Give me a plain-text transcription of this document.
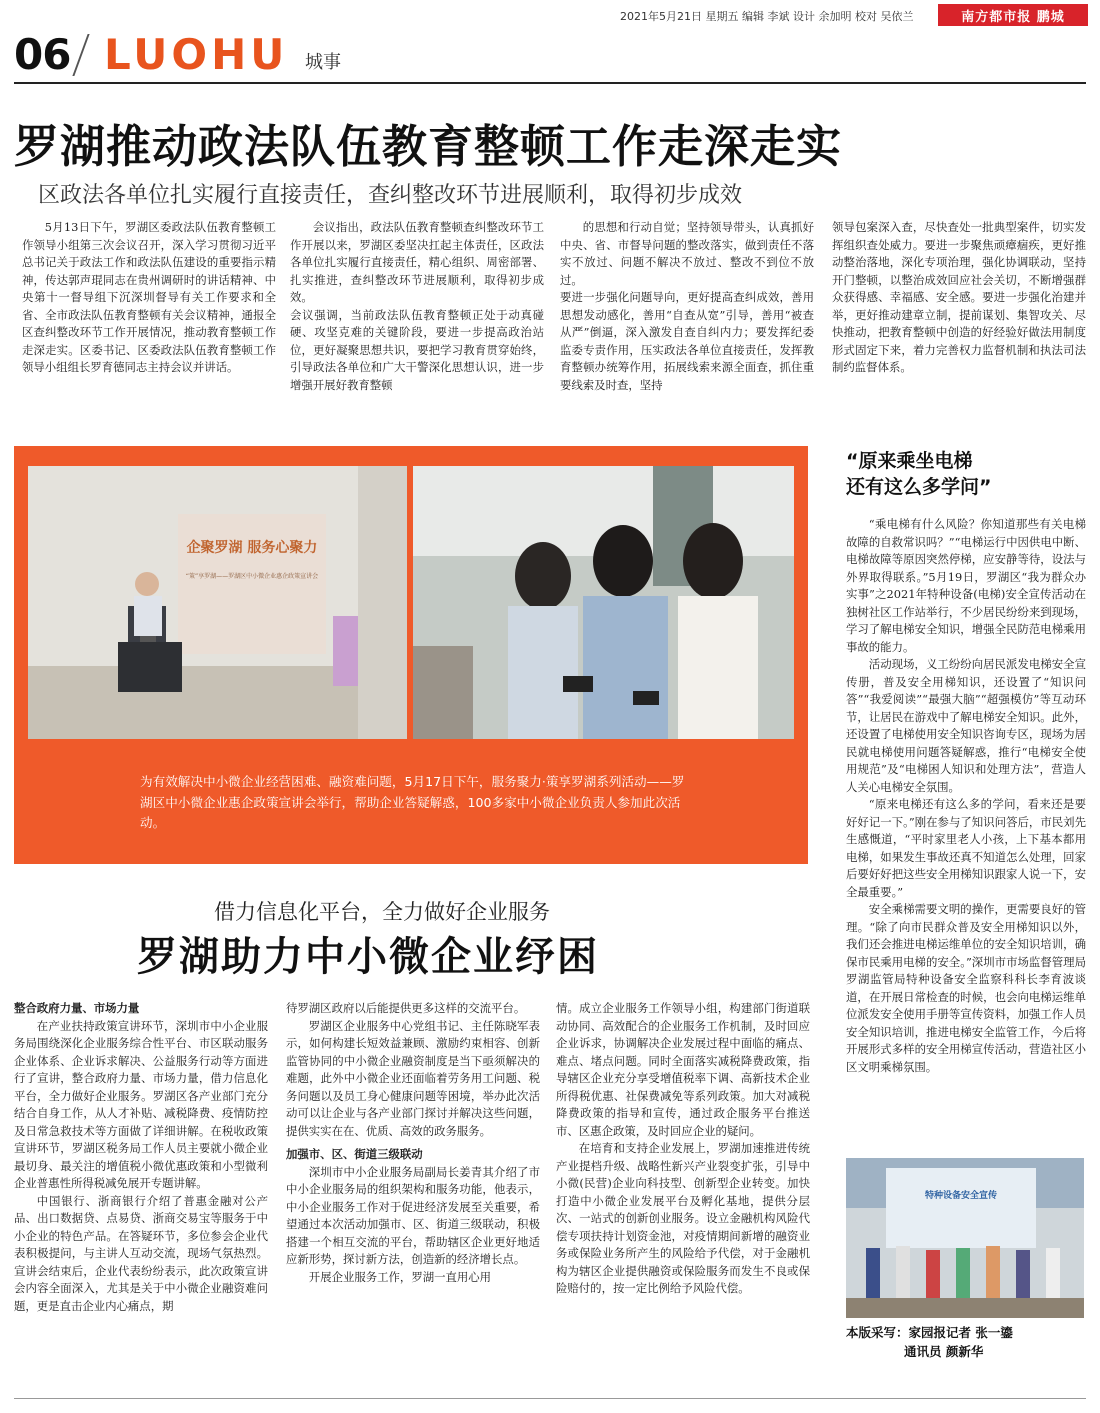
2021年5月21日 星期五 编辑 李斌 设计 余加明 校对 吴依兰	南方都市报 鹏城
06 LUOHU 城事
罗湖推动政法队伍教育整顿工作走深走实
区政法各单位扎实履行直接责任，查纠整改环节进展顺利，取得初步成效

5月13日下午，罗湖区委政法队伍教育整顿工作领导小组第三次会议召开，深入学习贯彻习近平总书记关于政法工作和政法队伍建设的重要指示精神，传达郭声琨同志在贵州调研时的讲话精神、中央第十一督导组下沉深圳督导有关工作要求和全省、全市政法队伍教育整顿有关会议精神，通报全区查纠整改环节工作开展情况，推动教育整顿工作走深走实。区委书记、区委政法队伍教育整顿工作领导小组组长罗育德同志主持会议并讲话。

会议指出，政法队伍教育整顿查纠整改环节工作开展以来，罗湖区委坚决扛起主体责任，区政法各单位扎实履行直接责任，精心组织、周密部署、扎实推进，查纠整改环节进展顺利，取得初步成效。
会议强调，当前政法队伍教育整顿正处于动真碰硬、攻坚克难的关键阶段，要进一步提高政治站位，更好凝聚思想共识，要把学习教育贯穿始终，引导政法各单位和广大干警深化思想认识，进一步增强开展好教育整顿

的思想和行动自觉；坚持领导带头，认真抓好中央、省、市督导问题的整改落实，做到责任不落实不放过、问题不解决不放过、整改不到位不放过。
要进一步强化问题导向，更好提高查纠成效，善用思想发动感化，善用“自查从宽”引导，善用“被查从严”倒逼，深入激发自查自纠内力；要发挥纪委监委专责作用，压实政法各单位直接责任，发挥教育整顿办统筹作用，拓展线索来源全面查，抓住重要线索及时查，坚持

领导包案深入查，尽快查处一批典型案件，切实发挥组织查处威力。要进一步聚焦顽瘴痼疾，更好推动整治落地，深化专项治理，强化协调联动，坚持开门整顿，以整治成效回应社会关切，不断增强群众获得感、幸福感、安全感。要进一步强化治建并举，更好推动建章立制，提前谋划、集智攻关、尽快推动，把教育整顿中创造的好经验好做法用制度形式固定下来，着力完善权力监督机制和执法司法制约监督体系。

企聚罗湖 服务心聚力
“策”享罗湖——罗湖区中小微企业惠企政策宣讲会
为有效解决中小微企业经营困难、融资难问题，5月17日下午，服务聚力·策享罗湖系列活动——罗湖区中小微企业惠企政策宣讲会举行，帮助企业答疑解惑，100多家中小微企业负责人参加此次活动。
“原来乘坐电梯
还有这么多学问”

“乘电梯有什么风险？你知道那些有关电梯故障的自救常识吗？”“电梯运行中因供电中断、电梯故障等原因突然停梯，应安静等待，设法与外界取得联系。”5月19日，罗湖区“我为群众办实事”之2021年特种设备(电梯)安全宣传活动在独树社区工作站举行，不少居民纷纷来到现场，学习了解电梯安全知识，增强全民防范电梯乘用事故的能力。

活动现场，义工纷纷向居民派发电梯安全宣传册，普及安全用梯知识，还设置了“知识问答”“我爱阅读”“最强大脑”“超强模仿”等互动环节，让居民在游戏中了解电梯安全知识。此外，还设置了电梯使用安全知识咨询专区，现场为居民就电梯使用问题答疑解惑，推行“电梯安全使用规范”及“电梯困人知识和处理方法”，营造人人关心电梯安全氛围。

“原来电梯还有这么多的学问，看来还是要好好记一下。”刚在参与了知识问答后，市民刘先生感慨道，“平时家里老人小孩，上下基本都用电梯，如果发生事故还真不知道怎么处理，回家后要好好把这些安全用梯知识跟家人说一下，安全最重要。”

安全乘梯需要文明的操作，更需要良好的管理。“除了向市民群众普及安全用梯知识以外，我们还会推进电梯运维单位的安全知识培训，确保市民乘用电梯的安全。”深圳市市场监督管理局罗湖监管局特种设备安全监察科科长李育波谈道，在开展日常检查的时候，也会向电梯运维单位派发安全使用手册等宣传资料，加强工作人员安全知识培训，推进电梯安全监管工作，今后将开展形式多样的安全用梯宣传活动，营造社区小区文明乘梯氛围。

特种设备安全宣传
本版采写：家园报记者 张一鎏
通讯员 颜新华
借力信息化平台，全力做好企业服务
罗湖助力中小微企业纾困

整合政府力量、市场力量

在产业扶持政策宣讲环节，深圳市中小企业服务局围绕深化企业服务综合性平台、市区联动服务企业体系、企业诉求解决、公益服务行动等方面进行了宣讲，整合政府力量、市场力量，借力信息化平台，全力做好企业服务。罗湖区各产业部门充分结合自身工作，从人才补贴、减税降费、疫情防控及日常急救技术等方面做了详细讲解。在税收政策宣讲环节，罗湖区税务局工作人员主要就小微企业最切身、最关注的增值税小微优惠政策和小型微利企业普惠性所得税减免展开专题讲解。

中国银行、浙商银行介绍了普惠金融对公产品、出口数据贷、点易贷、浙商交易宝等服务于中小企业的特色产品。在答疑环节，多位参会企业代表积极提问，与主讲人互动交流，现场气氛热烈。宣讲会结束后，企业代表纷纷表示，此次政策宣讲会内容全面深入，尤其是关于中小微企业融资难问题，更是直击企业内心痛点，期

待罗湖区政府以后能提供更多这样的交流平台。

罗湖区企业服务中心党组书记、主任陈晓军表示，如何构建长短效益兼顾、激励约束相容、创新监管协同的中小微企业融资制度是当下亟须解决的难题，此外中小微企业还面临着劳务用工问题、税务问题以及员工身心健康问题等困境，举办此次活动可以让企业与各产业部门探讨并解决这些问题，提供实实在在、优质、高效的政务服务。

加强市、区、街道三级联动

深圳市中小企业服务局副局长姜青其介绍了市中小企业服务局的组织架构和服务功能，他表示，中小企业服务工作对于促进经济发展至关重要，希望通过本次活动加强市、区、街道三级联动，积极搭建一个相互交流的平台，帮助辖区企业更好地适应新形势，探讨新方法，创造新的经济增长点。

开展企业服务工作，罗湖一直用心用

情。成立企业服务工作领导小组，构建部门街道联动协同、高效配合的企业服务工作机制，及时回应企业诉求，协调解决企业发展过程中面临的痛点、难点、堵点问题。同时全面落实减税降费政策，指导辖区企业充分享受增值税率下调、高新技术企业所得税优惠、社保费减免等系列政策。加大对减税降费政策的指导和宣传，通过政企服务平台推送市、区惠企政策，及时回应企业的疑问。

在培育和支持企业发展上，罗湖加速推进传统产业提档升级、战略性新兴产业裂变扩张，引导中小微(民营)企业向科技型、创新型企业转变。加快打造中小微企业发展平台及孵化基地，提供分层次、一站式的创新创业服务。设立金融机构风险代偿专项扶持计划资金池，对疫情期间新增的融资业务或保险业务所产生的风险给予代偿，对于金融机构为辖区企业提供融资或保险服务而发生不良或保险赔付的，按一定比例给予风险代偿。
